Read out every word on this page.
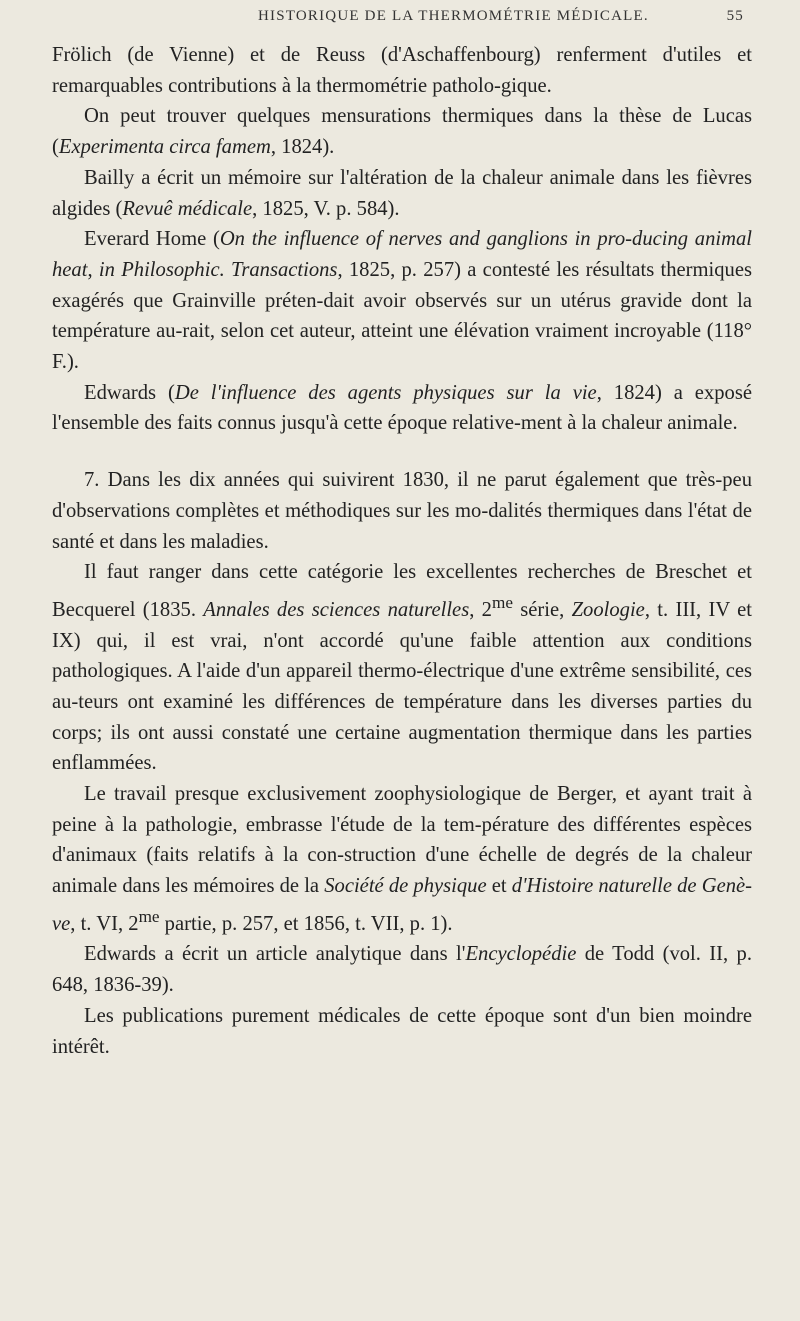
HISTORIQUE DE LA THERMOMÉTRIE MÉDICALE.	55

Frölich (de Vienne) et de Reuss (d'Aschaffenbourg) renferment d'utiles et remarquables contributions à la thermométrie patholo-gique.

On peut trouver quelques mensurations thermiques dans la thèse de Lucas (Experimenta circa famem, 1824).

Bailly a écrit un mémoire sur l'altération de la chaleur animale dans les fièvres algides (Revuê médicale, 1825, V. p. 584).

Everard Home (On the influence of nerves and ganglions in pro-ducing animal heat, in Philosophic. Transactions, 1825, p. 257) a contesté les résultats thermiques exagérés que Grainville préten-dait avoir observés sur un utérus gravide dont la température au-rait, selon cet auteur, atteint une élévation vraiment incroyable (118° F.).

Edwards (De l'influence des agents physiques sur la vie, 1824) a exposé l'ensemble des faits connus jusqu'à cette époque relative-ment à la chaleur animale.

7. Dans les dix années qui suivirent 1830, il ne parut également que très-peu d'observations complètes et méthodiques sur les mo-dalités thermiques dans l'état de santé et dans les maladies.

Il faut ranger dans cette catégorie les excellentes recherches de Breschet et Becquerel (1835. Annales des sciences naturelles, $2^{me}$ série, Zoologie, t. III, IV et IX) qui, il est vrai, n'ont accordé qu'une faible attention aux conditions pathologiques. A l'aide d'un appareil thermo-électrique d'une extrême sensibilité, ces au-teurs ont examiné les différences de température dans les diverses parties du corps; ils ont aussi constaté une certaine augmentation thermique dans les parties enflammées.

Le travail presque exclusivement zoophysiologique de Berger, et ayant trait à peine à la pathologie, embrasse l'étude de la tem-pérature des différentes espèces d'animaux (faits relatifs à la con-struction d'une échelle de degrés de la chaleur animale dans les mémoires de la Société de physique et d'Histoire naturelle de Genè-ve, t. VI, $2^{me}$ partie, p. 257, et 1856, t. VII, p. 1).

Edwards a écrit un article analytique dans l'Encyclopédie de Todd (vol. II, p. 648, 1836-39).

Les publications purement médicales de cette époque sont d'un bien moindre intérêt.
